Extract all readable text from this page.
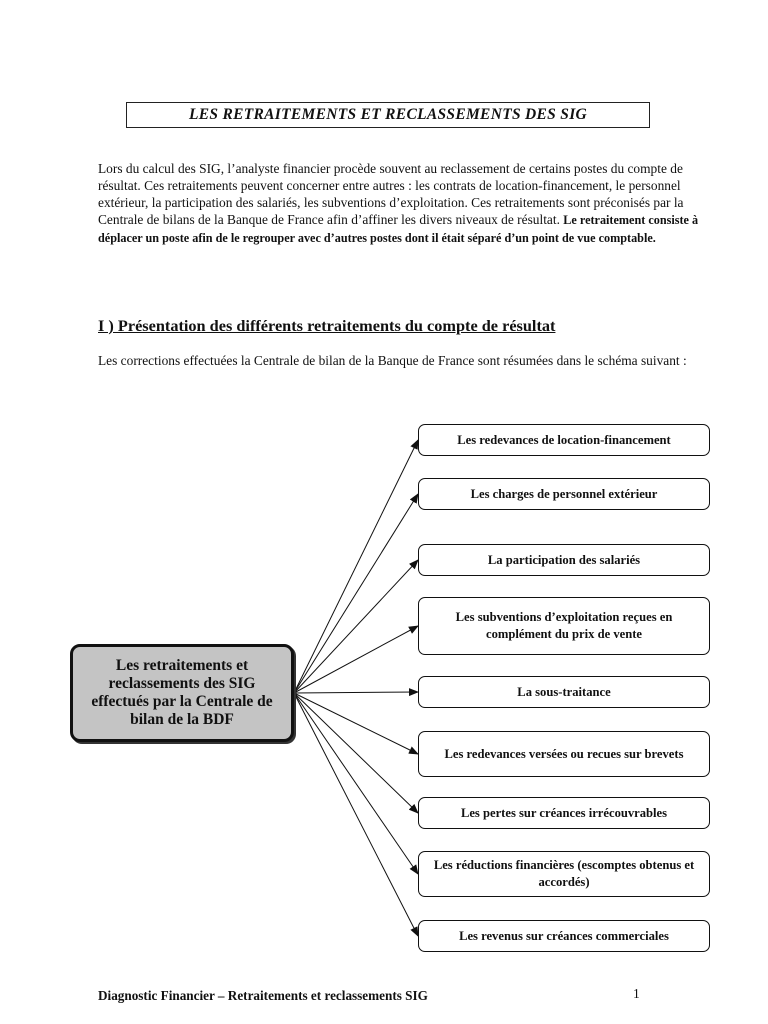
LES RETRAITEMENTS ET RECLASSEMENTS DES SIG

Lors du calcul des SIG, l’analyste financier procède souvent au reclassement de certains postes du compte de résultat. Ces retraitements peuvent concerner entre autres : les contrats de location-financement, le personnel extérieur, la participation des salariés, les subventions d’exploitation. Ces retraitements sont préconisés par la Centrale de bilans de la Banque de France afin d’affiner les divers niveaux de résultat. Le retraitement consiste à déplacer un poste afin de le regrouper avec d’autres postes dont il était séparé d’un point de vue comptable.

I ) Présentation des différents retraitements du compte de résultat

Les corrections effectuées la Centrale de bilan de la Banque de France sont résumées dans le schéma suivant :

Les retraitements et reclassements des SIG effectués par la Centrale de bilan de la BDF
Les redevances de location-financement
Les charges de personnel extérieur
La participation des salariés
Les subventions d’exploitation reçues en complément du prix de vente
La sous-traitance
Les redevances versées ou recues sur brevets
Les pertes sur créances irrécouvrables
Les réductions financières (escomptes obtenus et accordés)
Les revenus sur créances commerciales
Diagnostic Financier – Retraitements et reclassements SIG	1
